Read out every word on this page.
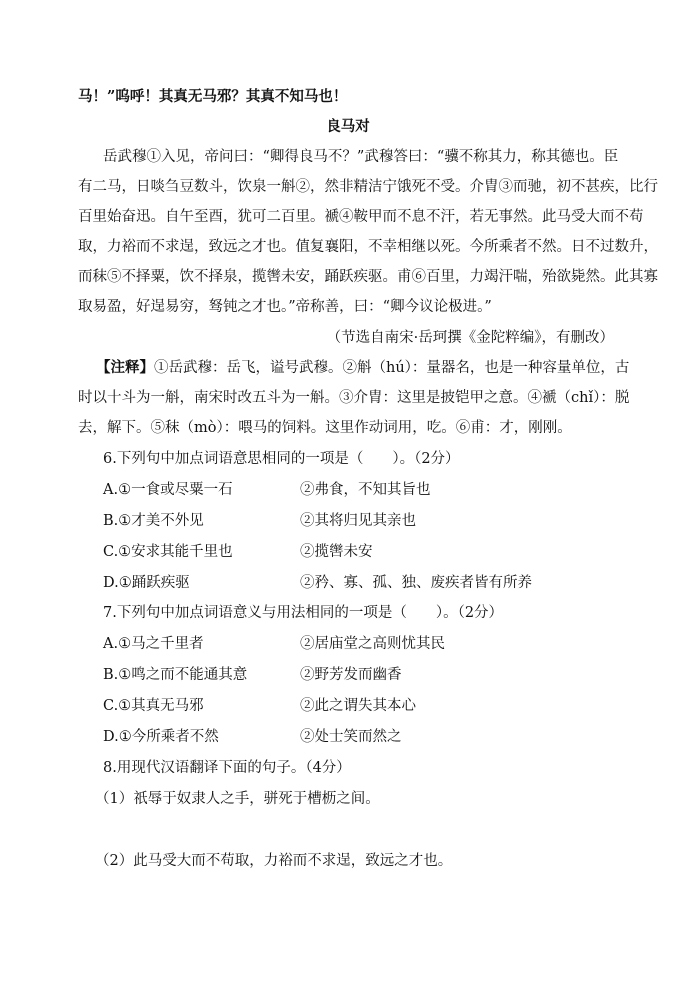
马！”呜呼！其真无马邪？其真不知马也！
良马对
岳武穆①入见，帝问曰：“卿得良马不？”武穆答曰：“骥不称其力，称其德也。臣
有二马，日啖刍豆数斗，饮泉一斛②，然非精洁宁饿死不受。介胄③而驰，初不甚疾，比行
百里始奋迅。自午至酉，犹可二百里。褫④鞍甲而不息不汗，若无事然。此马受大而不苟
取，力裕而不求逞，致远之才也。值复襄阳，不幸相继以死。今所乘者不然。日不过数升，
而秣⑤不择粟，饮不择泉，揽辔未安，踊跃疾驱。甫⑥百里，力竭汗喘，殆欲毙然。此其寡
取易盈，好逞易穷，驽钝之才也。”帝称善，曰：“卿今议论极进。”
（节选自南宋·岳珂撰《金陀粹编》，有删改）
【注释】①岳武穆：岳飞，谥号武穆。②斛（hú）：量器名，也是一种容量单位，古
时以十斗为一斛，南宋时改五斗为一斛。③介胄：这里是披铠甲之意。④褫（chǐ）：脱
去，解下。⑤秣（mò）：喂马的饲料。这里作动词用，吃。⑥甫：才，刚刚。
6.下列句中加点词语意思相同的一项是（　　）。（2分）
A.①一食或尽粟一石	②弗食，不知其旨也
B.①才美不外见	②其将归见其亲也
C.①安求其能千里也	②揽辔未安
D.①踊跃疾驱	②矜、寡、孤、独、废疾者皆有所养
7.下列句中加点词语意义与用法相同的一项是（　　）。（2分）
A.①马之千里者	②居庙堂之高则忧其民
B.①鸣之而不能通其意	②野芳发而幽香
C.①其真无马邪	②此之谓失其本心
D.①今所乘者不然	②处士笑而然之
8.用现代汉语翻译下面的句子。（4分）
（1）祇辱于奴隶人之手，骈死于槽枥之间。
（2）此马受大而不苟取，力裕而不求逞，致远之才也。
